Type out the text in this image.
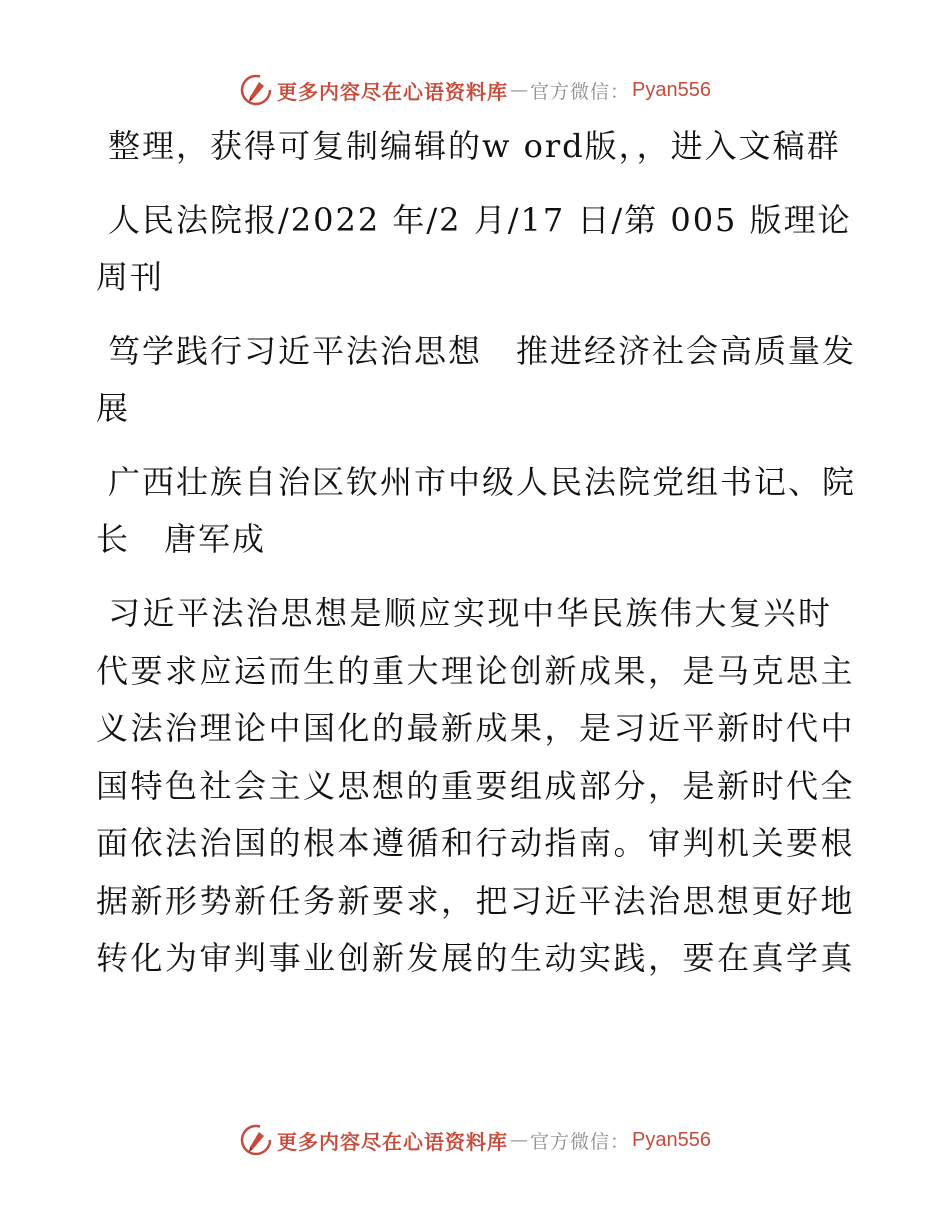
更多内容尽在心语资料库 — 官方微信： Pyan556

整理，获得可复制编辑的w ord版，，进入文稿群

人民法院报/2022 年/2 月/17 日/第 005 版理论周刊

笃学践行习近平法治思想　推进经济社会高质量发展

广西壮族自治区钦州市中级人民法院党组书记、院长　唐军成

习近平法治思想是顺应实现中华民族伟大复兴时代要求应运而生的重大理论创新成果，是马克思主义法治理论中国化的最新成果，是习近平新时代中国特色社会主义思想的重要组成部分，是新时代全面依法治国的根本遵循和行动指南。审判机关要根据新形势新任务新要求，把习近平法治思想更好地转化为审判事业创新发展的生动实践，要在真学真

更多内容尽在心语资料库 — 官方微信： Pyan556
